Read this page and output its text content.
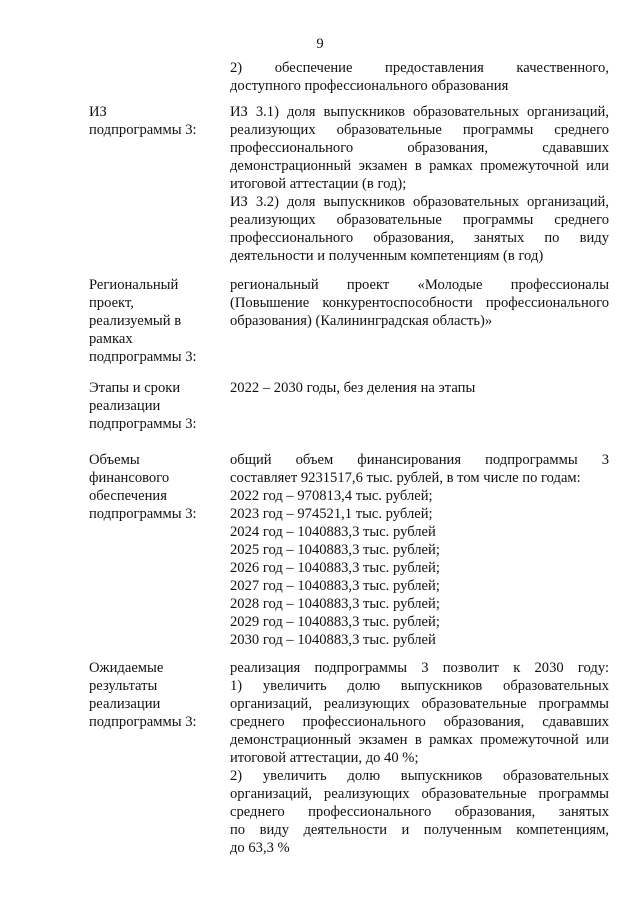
9
2) обеспечение предоставления качественного,
доступного профессионального образования
ИЗ
подпрограммы 3:
ИЗ 3.1) доля выпускников образовательных организаций,
реализующих образовательные программы среднего
профессионального образования, сдававших
демонстрационный экзамен в рамках промежуточной или
итоговой аттестации (в год);
ИЗ 3.2) доля выпускников образовательных организаций,
реализующих образовательные программы среднего
профессионального образования, занятых по виду
деятельности и полученным компетенциям (в год)
Региональный
проект,
реализуемый в
рамках
подпрограммы 3:
региональный проект «Молодые профессионалы
(Повышение конкурентоспособности профессионального
образования) (Калининградская область)»
Этапы и сроки
реализации
подпрограммы 3:
2022 – 2030 годы, без деления на этапы
Объемы
финансового
обеспечения
подпрограммы 3:
общий объем финансирования подпрограммы 3
составляет 9231517,6 тыс. рублей, в том числе по годам:
2022 год – 970813,4 тыс. рублей;
2023 год – 974521,1 тыс. рублей;
2024 год – 1040883,3 тыс. рублей
2025 год – 1040883,3 тыс. рублей;
2026 год – 1040883,3 тыс. рублей;
2027 год – 1040883,3 тыс. рублей;
2028 год – 1040883,3 тыс. рублей;
2029 год – 1040883,3 тыс. рублей;
2030 год – 1040883,3 тыс. рублей
Ожидаемые
результаты
реализации
подпрограммы 3:
реализация подпрограммы 3 позволит к 2030 году:
1) увеличить долю выпускников образовательных
организаций, реализующих образовательные программы
среднего профессионального образования, сдававших
демонстрационный экзамен в рамках промежуточной или
итоговой аттестации, до 40 %;
2) увеличить долю выпускников образовательных
организаций, реализующих образовательные программы
среднего профессионального образования, занятых
по виду деятельности и полученным компетенциям,
до 63,3 %
